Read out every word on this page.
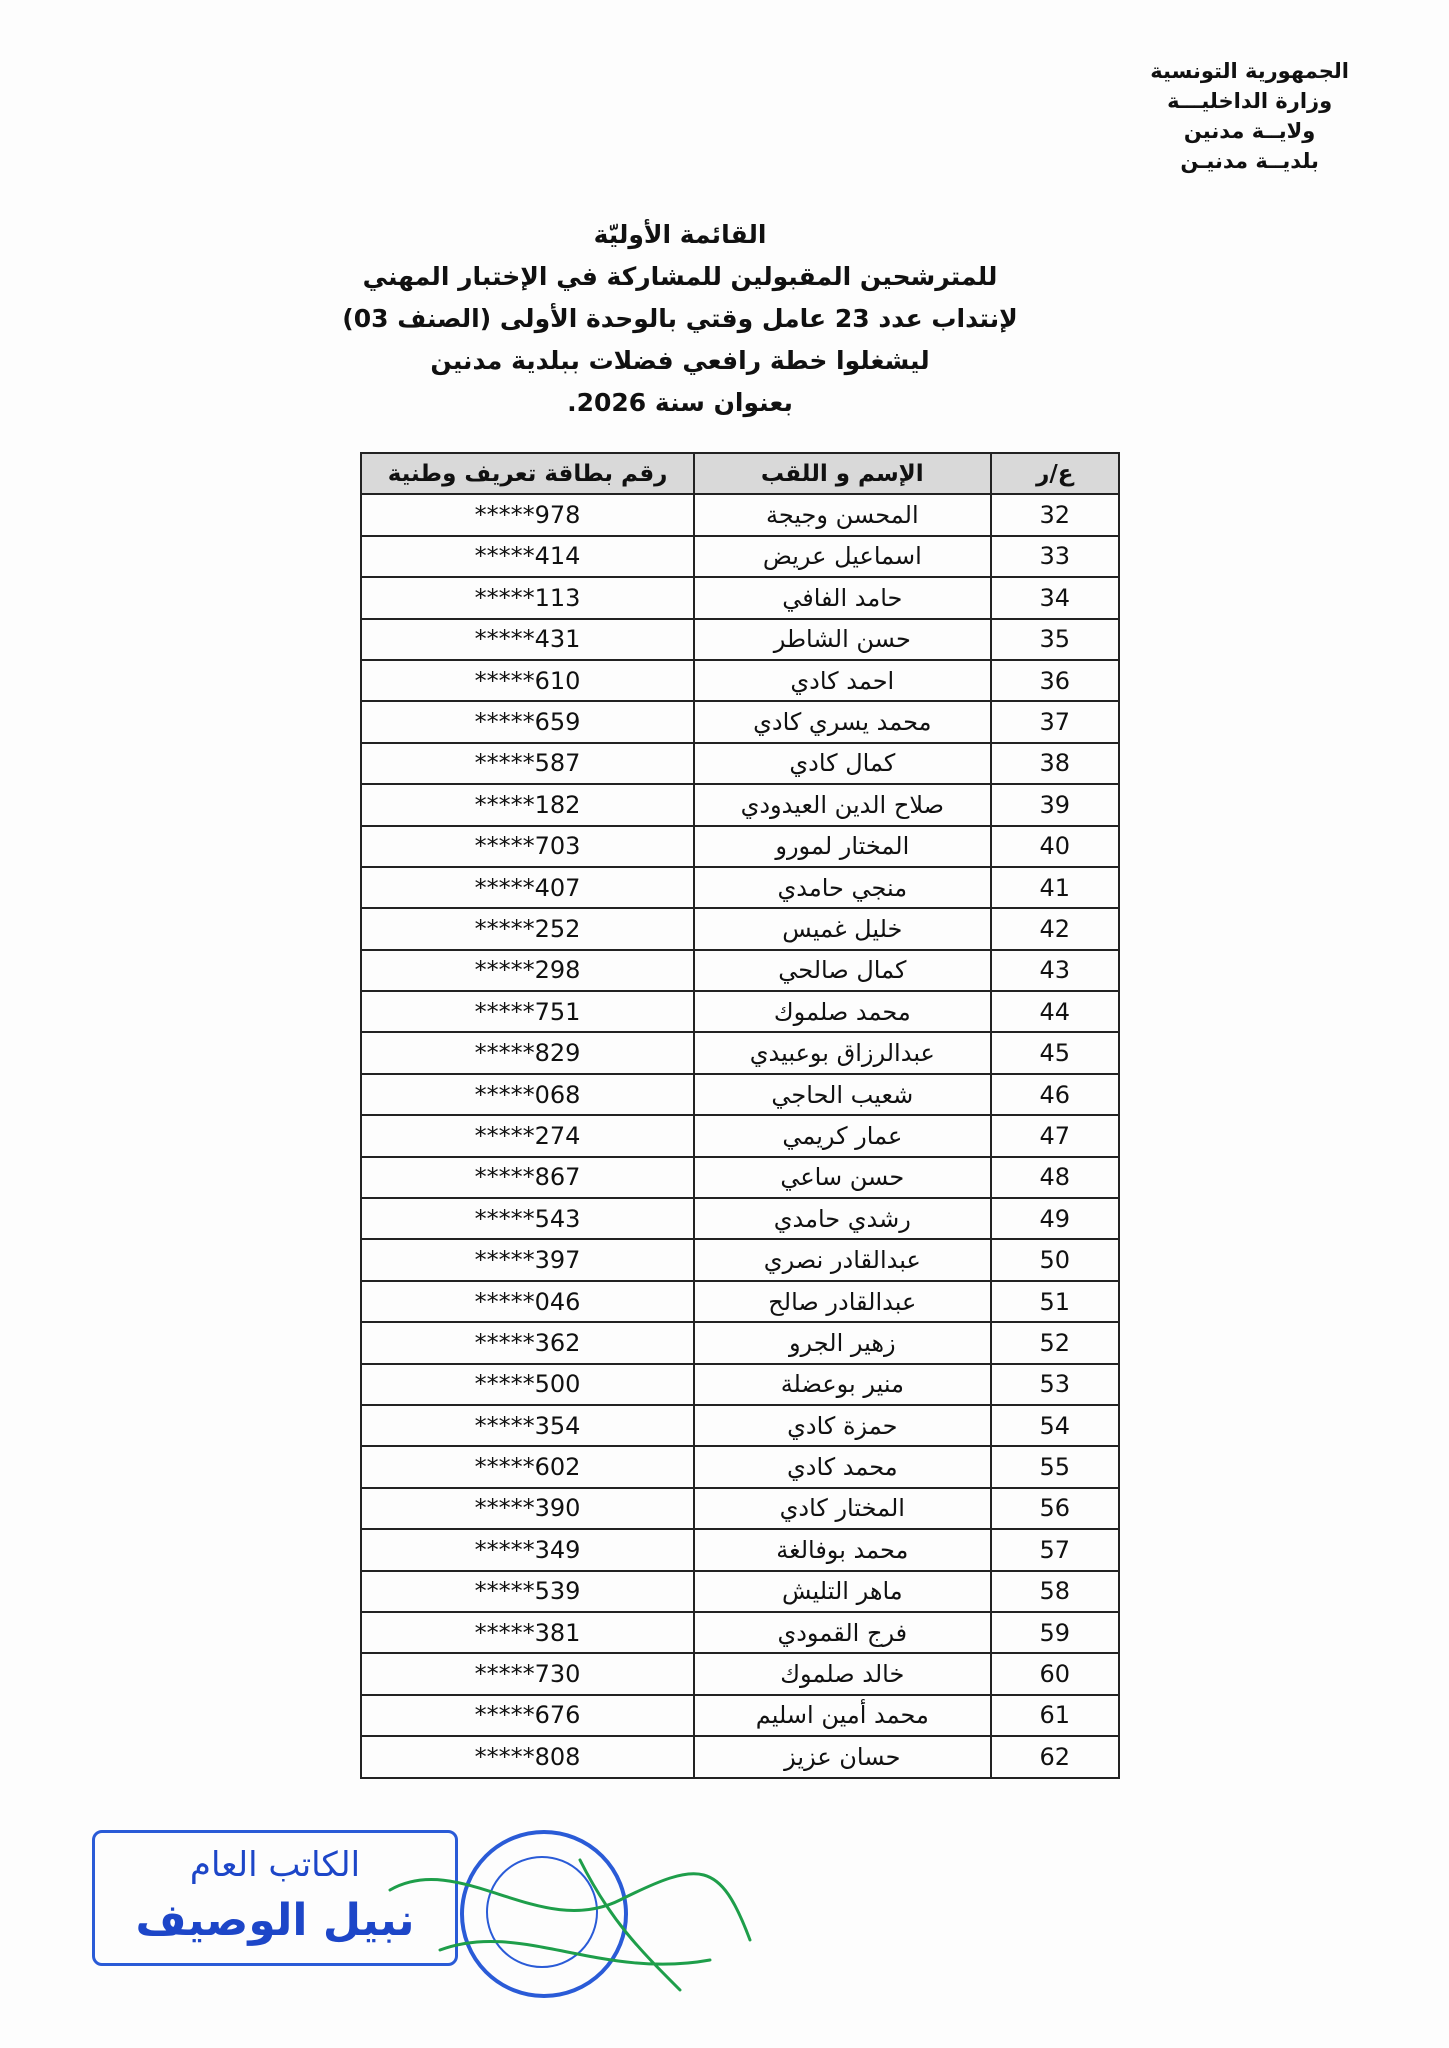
الجمهورية التونسية
وزارة الداخليـــة
ولايــة مدنين
بلديــة مدنيـن
القائمة الأوليّة
للمترشحين المقبولين للمشاركة في الإختبار المهني
لإنتداب عدد 23 عامل وقتي بالوحدة الأولى (الصنف 03)
ليشغلوا خطة رافعي فضلات ببلدية مدنين
بعنوان سنة 2026.
ع/ر	الإسم و اللقب	رقم بطاقة تعريف وطنية
32	المحسن وجيجة	*****978
33	اسماعيل عريض	*****414
34	حامد الفافي	*****113
35	حسن الشاطر	*****431
36	احمد كادي	*****610
37	محمد يسري كادي	*****659
38	كمال كادي	*****587
39	صلاح الدين العيدودي	*****182
40	المختار لمورو	*****703
41	منجي حامدي	*****407
42	خليل غميس	*****252
43	كمال صالحي	*****298
44	محمد صلموك	*****751
45	عبدالرزاق بوعبيدي	*****829
46	شعيب الحاجي	*****068
47	عمار كريمي	*****274
48	حسن ساعي	*****867
49	رشدي حامدي	*****543
50	عبدالقادر نصري	*****397
51	عبدالقادر صالح	*****046
52	زهير الجرو	*****362
53	منير بوعضلة	*****500
54	حمزة كادي	*****354
55	محمد كادي	*****602
56	المختار كادي	*****390
57	محمد بوفالغة	*****349
58	ماهر التليش	*****539
59	فرج القمودي	*****381
60	خالد صلموك	*****730
61	محمد أمين اسليم	*****676
62	حسان عزيز	*****808
الكاتب العام
نبيل الوصيف
